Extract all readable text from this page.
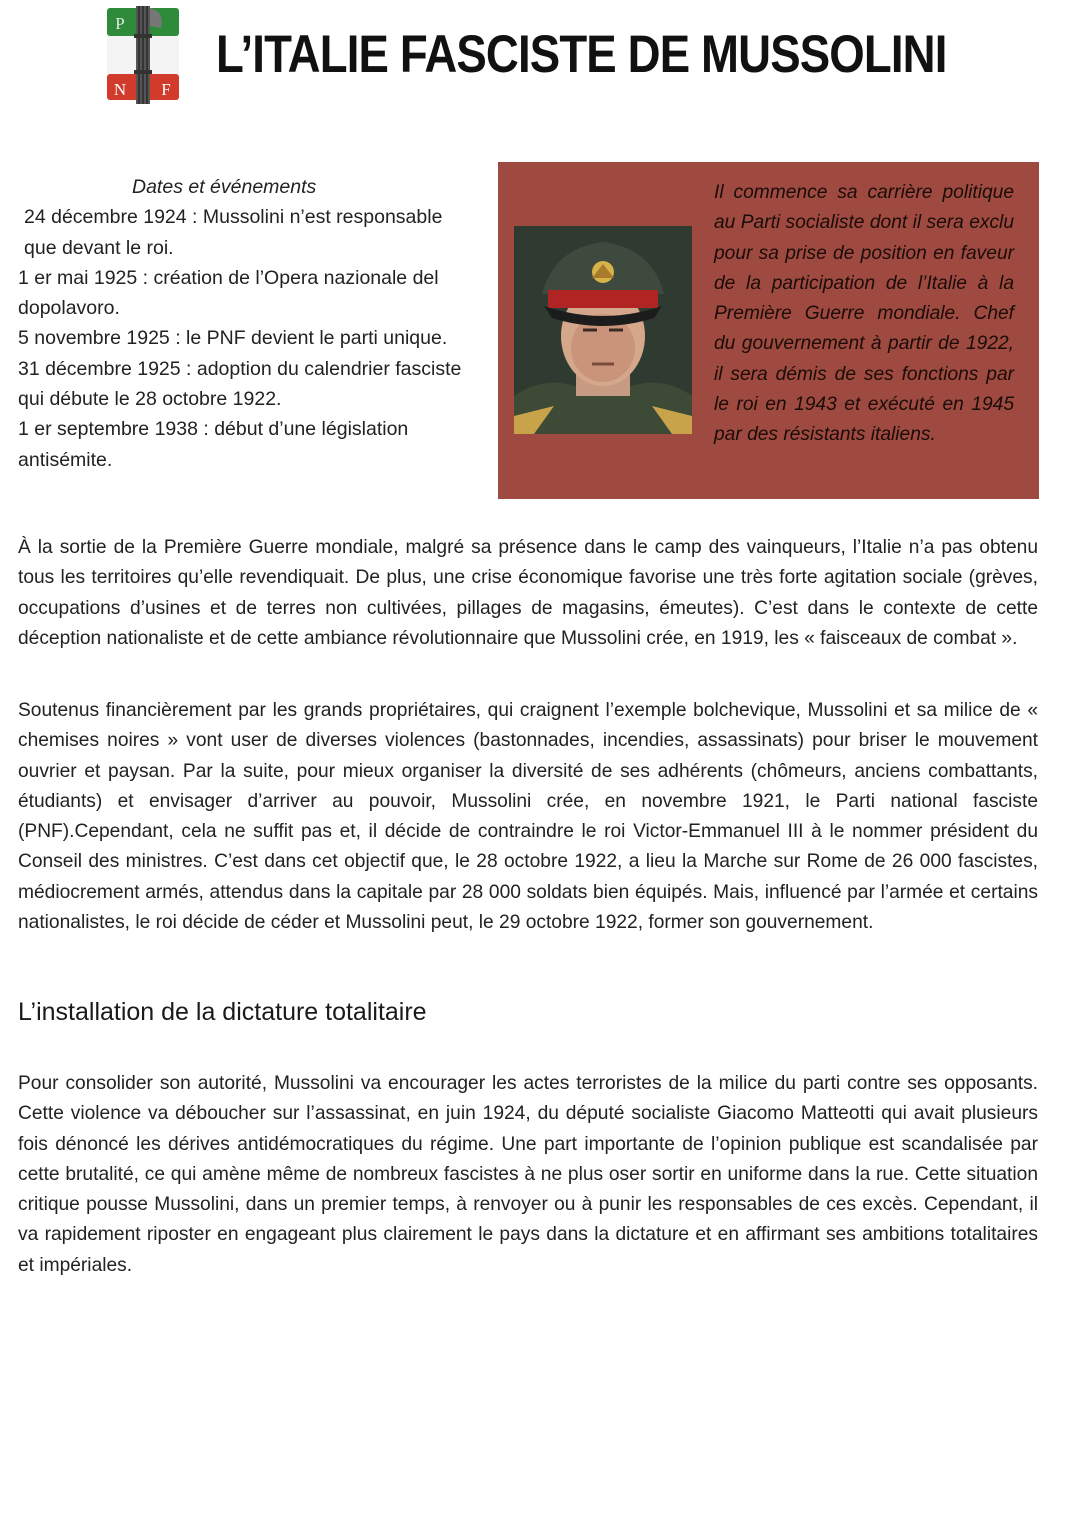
P
N F
L’ITALIE FASCISTE DE MUSSOLINI

Dates et événements

24 décembre 1924 : Mussolini n’est responsable que devant le roi.

1 er mai 1925 : création de l’Opera nazionale del dopolavoro.

5 novembre 1925 : le PNF devient le parti unique.

31 décembre 1925 : adoption du calendrier fasciste qui débute le 28 octobre 1922.

1 er septembre 1938 : début d’une législation antisémite.

Il commence sa carrière politique au Parti socialiste dont il sera exclu pour sa prise de position en faveur de la participation de l’Italie à la Première Guerre mondiale. Chef du gouvernement à partir de 1922, il sera démis de ses fonctions par le roi en 1943 et exécuté en 1945 par des résistants italiens.

À la sortie de la Première Guerre mondiale, malgré sa présence dans le camp des vainqueurs, l’Italie n’a pas obtenu tous les territoires qu’elle revendiquait. De plus, une crise économique favorise une très forte agitation sociale (grèves, occupations d’usines et de terres non cultivées, pillages de magasins, émeutes). C’est dans le contexte de cette déception nationaliste et de cette ambiance révolutionnaire que Mussolini crée, en 1919, les « faisceaux de combat ».

Soutenus financièrement par les grands propriétaires, qui craignent l’exemple bolchevique, Mussolini et sa milice de « chemises noires » vont user de diverses violences (bastonnades, incendies, assassinats) pour briser le mouvement ouvrier et paysan. Par la suite, pour mieux organiser la diversité de ses adhérents (chômeurs, anciens combattants, étudiants) et envisager d’arriver au pouvoir, Mussolini crée, en novembre 1921, le Parti national fasciste (PNF).Cependant, cela ne suffit pas et, il décide de contraindre le roi Victor-Emmanuel III à le nommer président du Conseil des ministres. C’est dans cet objectif que, le 28 octobre 1922, a lieu la Marche sur Rome de 26 000 fascistes, médiocrement armés, attendus dans la capitale par 28 000 soldats bien équipés. Mais, influencé par l’armée et certains nationalistes, le roi décide de céder et Mussolini peut, le 29 octobre 1922, former son gouvernement.

L’installation de la dictature totalitaire

Pour consolider son autorité, Mussolini va encourager les actes terroristes de la milice du parti contre ses opposants. Cette violence va déboucher sur l’assassinat, en juin 1924, du député socialiste Giacomo Matteotti qui avait plusieurs fois dénoncé les dérives antidémocratiques du régime. Une part importante de l’opinion publique est scandalisée par cette brutalité, ce qui amène même de nombreux fascistes à ne plus oser sortir en uniforme dans la rue. Cette situation critique pousse Mussolini, dans un premier temps, à renvoyer ou à punir les responsables de ces excès. Cependant, il va rapidement riposter en engageant plus clairement le pays dans la dictature et en affirmant ses ambitions totalitaires et impériales.
